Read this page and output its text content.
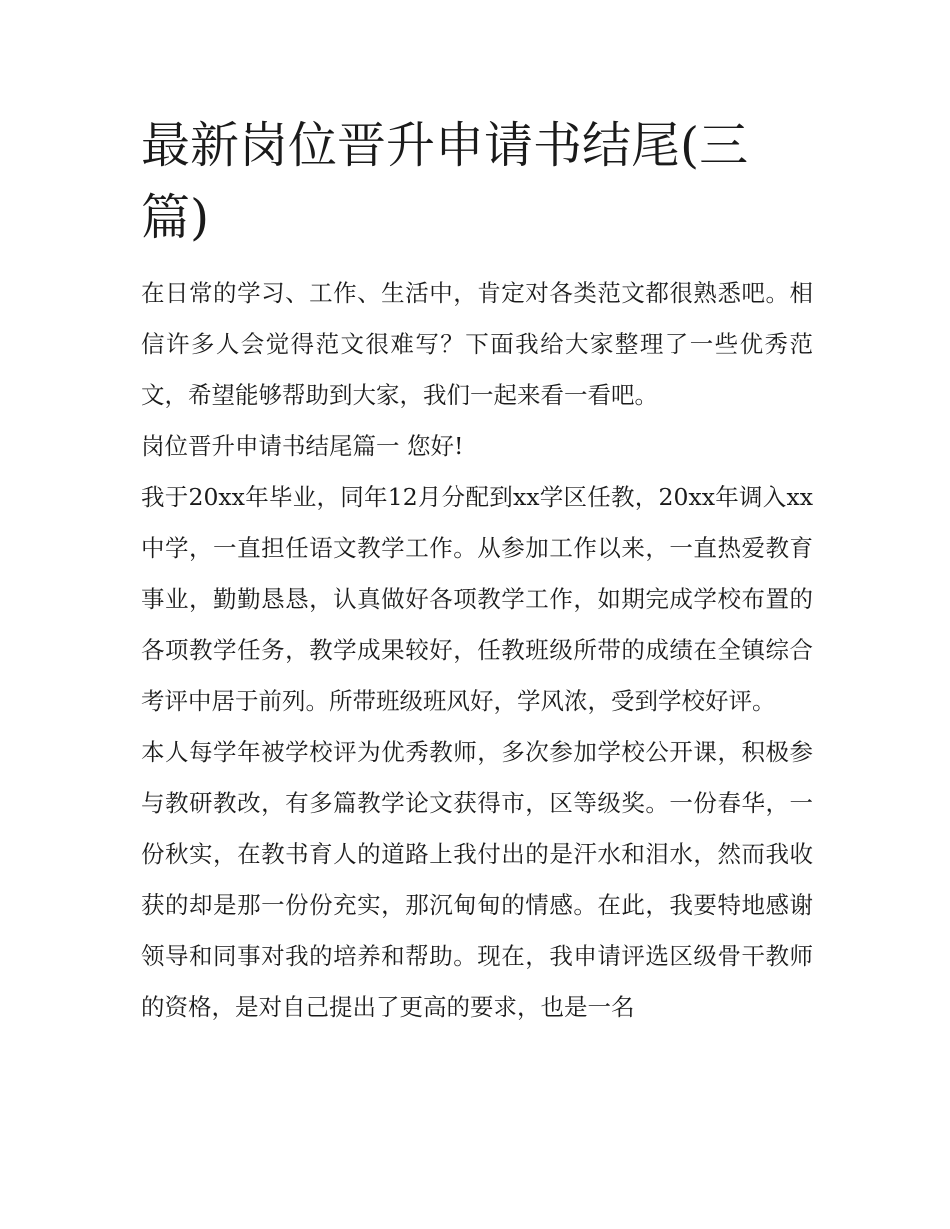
最新岗位晋升申请书结尾(三
篇)

在日常的学习、工作、生活中，肯定对各类范文都很熟悉吧。相信许多人会觉得范文很难写？下面我给大家整理了一些优秀范文，希望能够帮助到大家，我们一起来看一看吧。

岗位晋升申请书结尾篇一 您好!

我于20xx年毕业，同年12月分配到xx学区任教，20xx年调入xx中学，一直担任语文教学工作。从参加工作以来，一直热爱教育事业，勤勤恳恳，认真做好各项教学工作，如期完成学校布置的各项教学任务，教学成果较好，任教班级所带的成绩在全镇综合考评中居于前列。所带班级班风好，学风浓，受到学校好评。

本人每学年被学校评为优秀教师，多次参加学校公开课，积极参与教研教改，有多篇教学论文获得市，区等级奖。一份春华，一份秋实，在教书育人的道路上我付出的是汗水和泪水，然而我收获的却是那一份份充实，那沉甸甸的情感。在此，我要特地感谢领导和同事对我的培养和帮助。现在，我申请评选区级骨干教师的资格，是对自己提出了更高的要求，也是一名
